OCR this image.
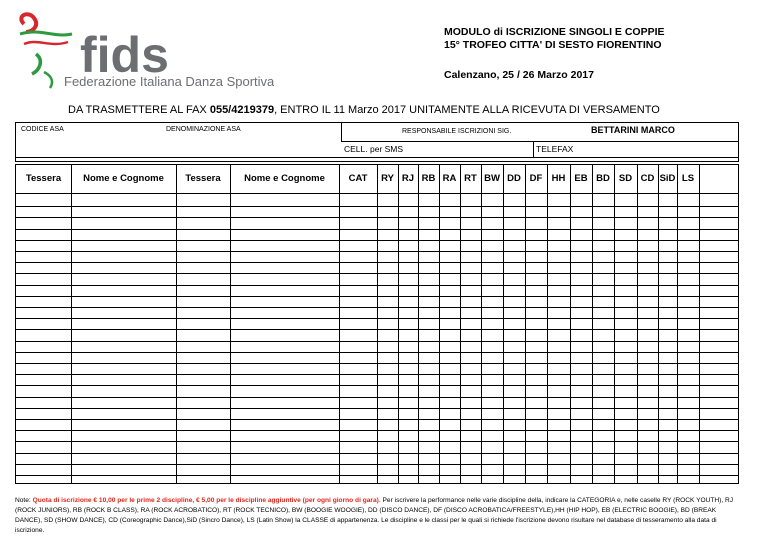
fids
Federazione Italiana Danza Sportiva
MODULO di ISCRIZIONE SINGOLI E COPPIE
15° TROFEO CITTA' DI SESTO FIORENTINO
Calenzano, 25 / 26 Marzo 2017
DA TRASMETTERE AL FAX 055/4219379, ENTRO IL 11 Marzo 2017 UNITAMENTE ALLA RICEVUTA DI VERSAMENTO
CODICE ASA	DENOMINAZIONE ASA	RESPONSABILE ISCRIZIONI SIG.	BETTARINI MARCO
CELL. per SMS	TELEFAX
Tessera	Nome e Cognome	Tessera	Nome e Cognome	CAT	RY RJ RB RA RT BW DD DF HH EB BD SD CD SiD LS
Note: Quota di iscrizione € 10,00 per le prime 2 discipline, € 5,00 per le discipline aggiuntive (per ogni giorno di gara). Per iscrivere la performance nelle varie discipline della, indicare la CATEGORIA e, nelle caselle RY (ROCK YOUTH), RJ (ROCK JUNIORS), RB (ROCK B CLASS), RA (ROCK ACROBATICO), RT (ROCK TECNICO), BW (BOOGIE WOOGIE), DD (DISCO DANCE), DF (DISCO ACROBATICA/FREESTYLE),HH (HIP HOP), EB (ELECTRIC BOOGIE), BD (BREAK DANCE), SD (SHOW DANCE), CD (Coreographic Dance),SiD (Sincro Dance), LS (Latin Show) la CLASSE di appartenenza. Le discipline e le classi per le quali si richiede l'iscrizione devono risultare nel database di tesseramento alla data di iscrizione.
